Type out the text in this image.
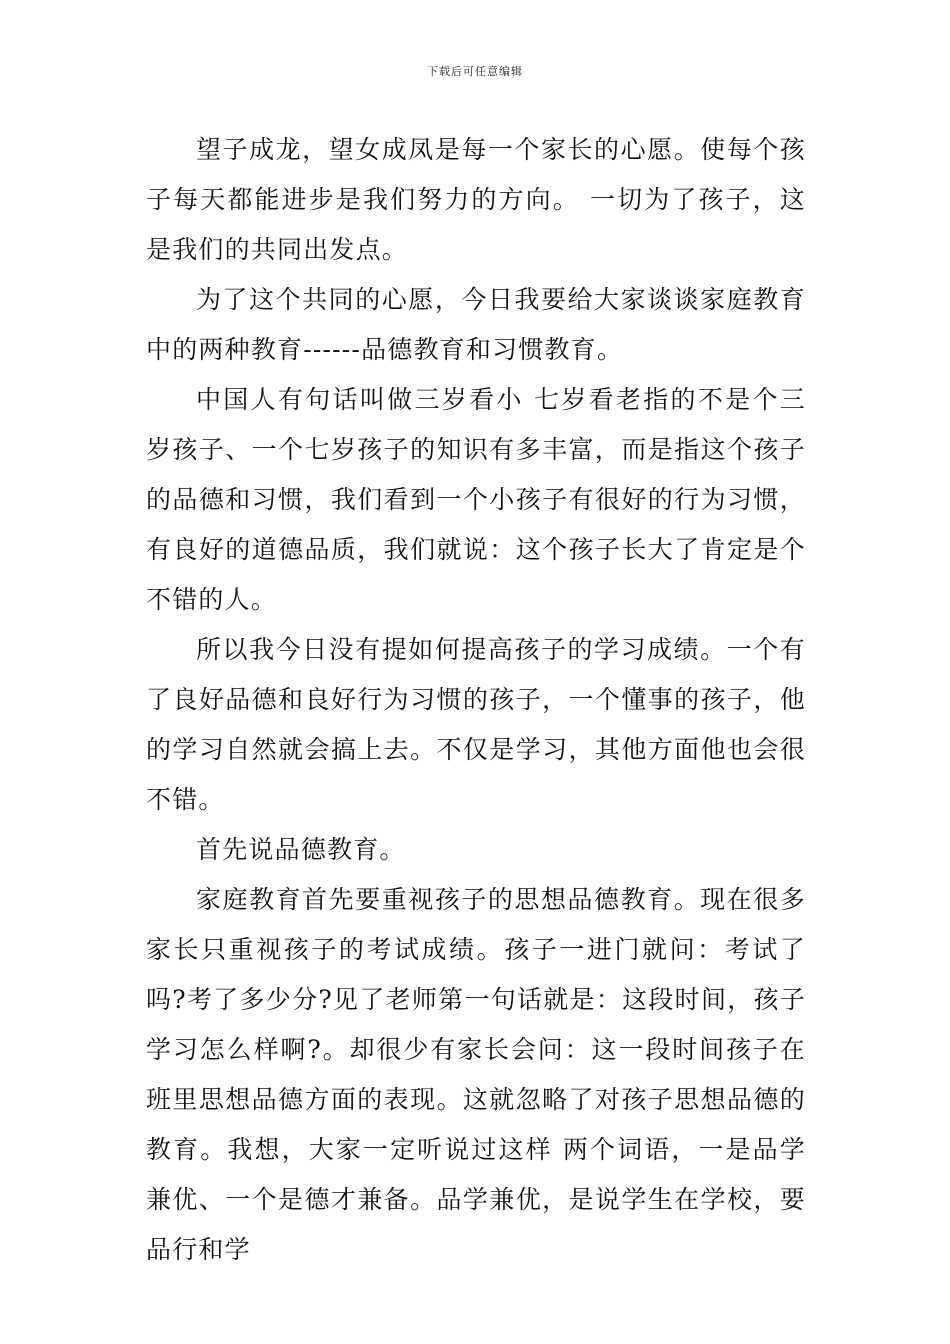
下载后可任意编辑

望子成龙，望女成凤是每一个家长的心愿。使每个孩子每天都能进步是我们努力的方向。 一切为了孩子，这是我们的共同出发点。

为了这个共同的心愿，今日我要给大家谈谈家庭教育中的两种教育------品德教育和习惯教育。

中国人有句话叫做三岁看小 七岁看老指的不是个三岁孩子、一个七岁孩子的知识有多丰富，而是指这个孩子的品德和习惯，我们看到一个小孩子有很好的行为习惯，有良好的道德品质，我们就说：这个孩子长大了肯定是个不错的人。

所以我今日没有提如何提高孩子的学习成绩。一个有了良好品德和良好行为习惯的孩子，一个懂事的孩子，他的学习自然就会搞上去。不仅是学习，其他方面他也会很不错。

首先说品德教育。

家庭教育首先要重视孩子的思想品德教育。现在很多家长只重视孩子的考试成绩。孩子一进门就问：考试了吗?考了多少分?见了老师第一句话就是：这段时间，孩子学习怎么样啊?。却很少有家长会问：这一段时间孩子在班里思想品德方面的表现。这就忽略了对孩子思想品德的教育。我想，大家一定听说过这样 两个词语，一是品学兼优、一个是德才兼备。品学兼优，是说学生在学校，要品行和学
